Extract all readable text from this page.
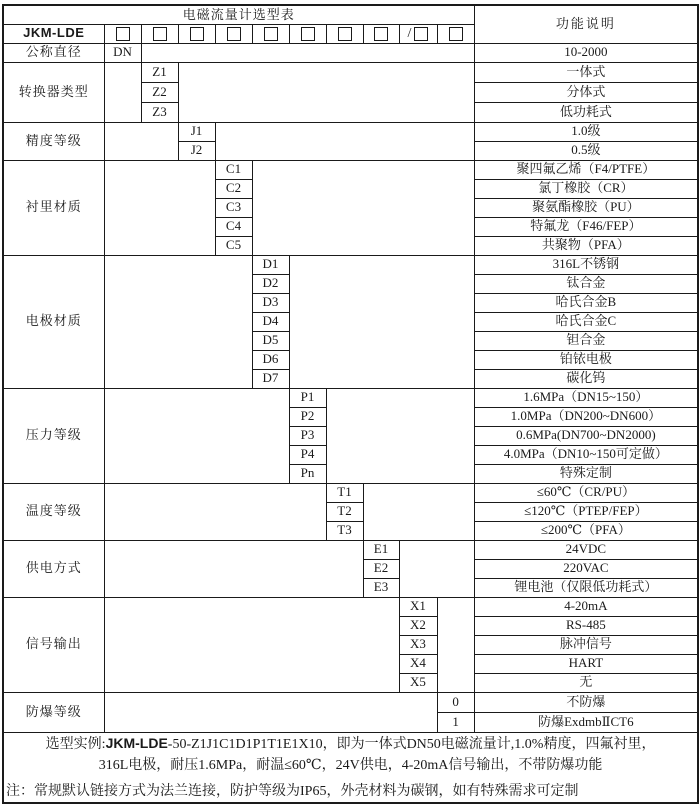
电磁流量计选型表											功能说明
JKM-LDE									/		
公称直径	DN										10-2000
转换器类型		Z1									一体式
		Z2									分体式
		Z3									低功耗式
精度等级			J1								1.0级
			J2								0.5级
衬里材质				C1							聚四氟乙烯（F4/PTFE）
				C2							氯丁橡胶（CR）
				C3							聚氨酯橡胶（PU）
				C4							特氟龙（F46/FEP）
				C5							共聚物（PFA）
电极材质					D1						316L不锈钢
					D2						钛合金
					D3						哈氏合金B
					D4						哈氏合金C
					D5						钽合金
					D6						铂铱电极
					D7						碳化钨
压力等级						P1					1.6MPa（DN15~150）
						P2					1.0MPa（DN200~DN600）
						P3					0.6MPa(DN700~DN2000)
						P4					4.0MPa（DN10~150可定做）
						Pn					特殊定制
温度等级							T1				≤60℃（CR/PU）
							T2				≤120℃（PTEP/FEP）
							T3				≤200℃（PFA）
供电方式								E1			24VDC
								E2			220VAC
								E3			锂电池（仅限低功耗式）
信号输出									X1		4-20mA
									X2		RS-485
									X3		脉冲信号
									X4		HART
									X5		无
防爆等级										0	不防爆
										1	防爆ExdmbⅡCT6

选型实例:JKM-LDE-50-Z1J1C1D1P1T1E1X10，即为一体式DN50电磁流量计,1.0%精度，四氟衬里，

316L电极，耐压1.6MPa，耐温≤60℃，24V供电，4-20mA信号输出，不带防爆功能

注：常规默认链接方式为法兰连接，防护等级为IP65，外壳材料为碳钢，如有特殊需求可定制											
